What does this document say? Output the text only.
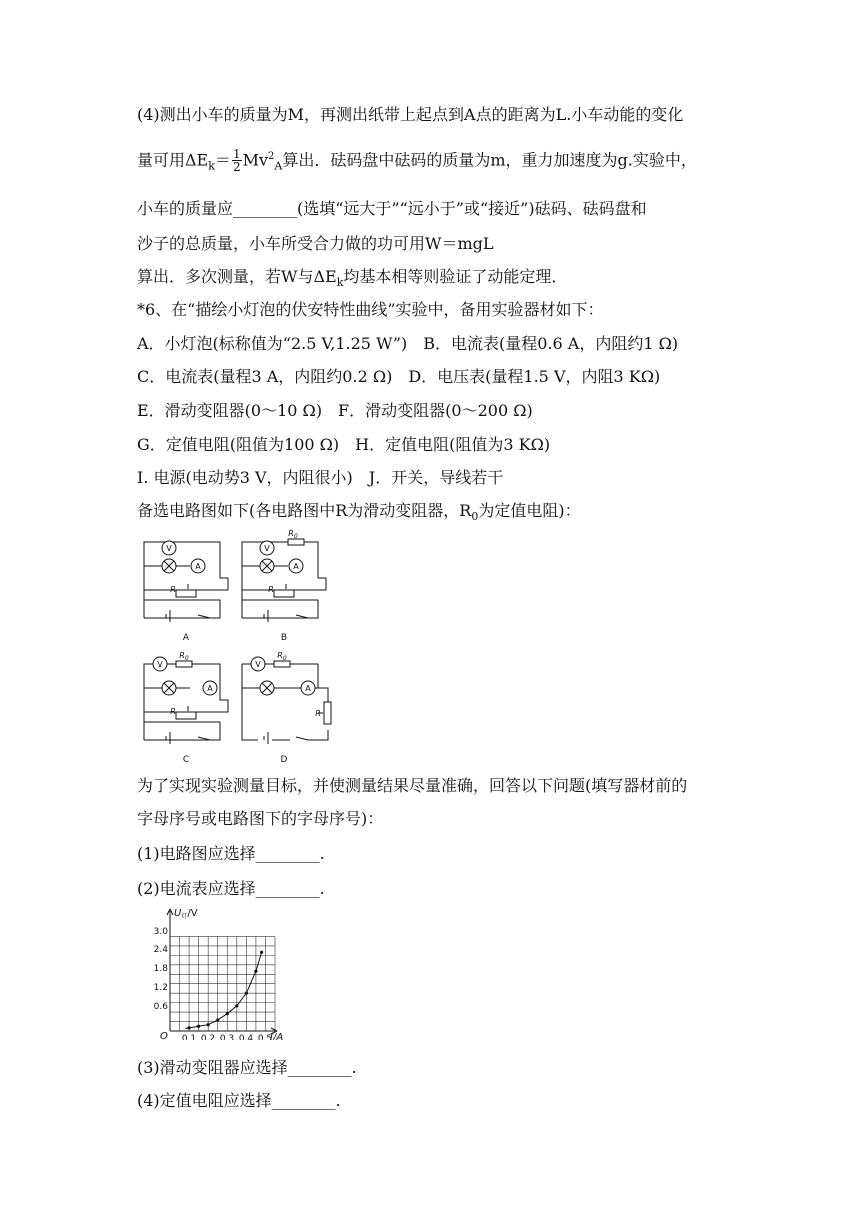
(4)测出小车的质量为M，再测出纸带上起点到A点的距离为L.小车动能的变化
量可用$\Delta E_k= \frac{1}{2} Mv^2_A$算出．砝码盘中砝码的质量为m，重力加速度为g.实验中，
小车的质量应________(选填“远大于”“远小于”或“接近”)砝码、砝码盘和
沙子的总质量，小车所受合力做的功可用W＝mgL
算出．多次测量，若W与$\Delta E_k$均基本相等则验证了动能定理．
*6、在“描绘小灯泡的伏安特性曲线”实验中，备用实验器材如下：
A．小灯泡(标称值为“2.5 V,1.25 W”)　B．电流表(量程0.6 A，内阻约1 Ω)
C．电流表(量程3 A，内阻约0.2 Ω)　D．电压表(量程1.5 V，内阻3 KΩ)
E．滑动变阻器(0～10 Ω)　F．滑动变阻器(0～200 Ω)
G．定值电阻(阻值为100 Ω)　H．定值电阻(阻值为3 KΩ)
I. 电源(电动势3 V，内阻很小)　J．开关，导线若干
备选电路图如下(各电路图中R为滑动变阻器，$R_0$为定值电阻)：
V
A
R
A
V
A
R
$R_0$
B
V
A
R
$R_0$
C
V
A
R
$R_0$
D
为了实现实验测量目标，并使测量结果尽量准确，回答以下问题(填写器材前的
字母序号或电路图下的字母序号)：
(1)电路图应选择________.
(2)电流表应选择________.
3.0
2.4
1.8
1.2
0.6
0.1 0.2 0.3 0.4 0.5
O
$U_灯/V$
I/A
(3)滑动变阻器应选择________.
(4)定值电阻应选择________.
